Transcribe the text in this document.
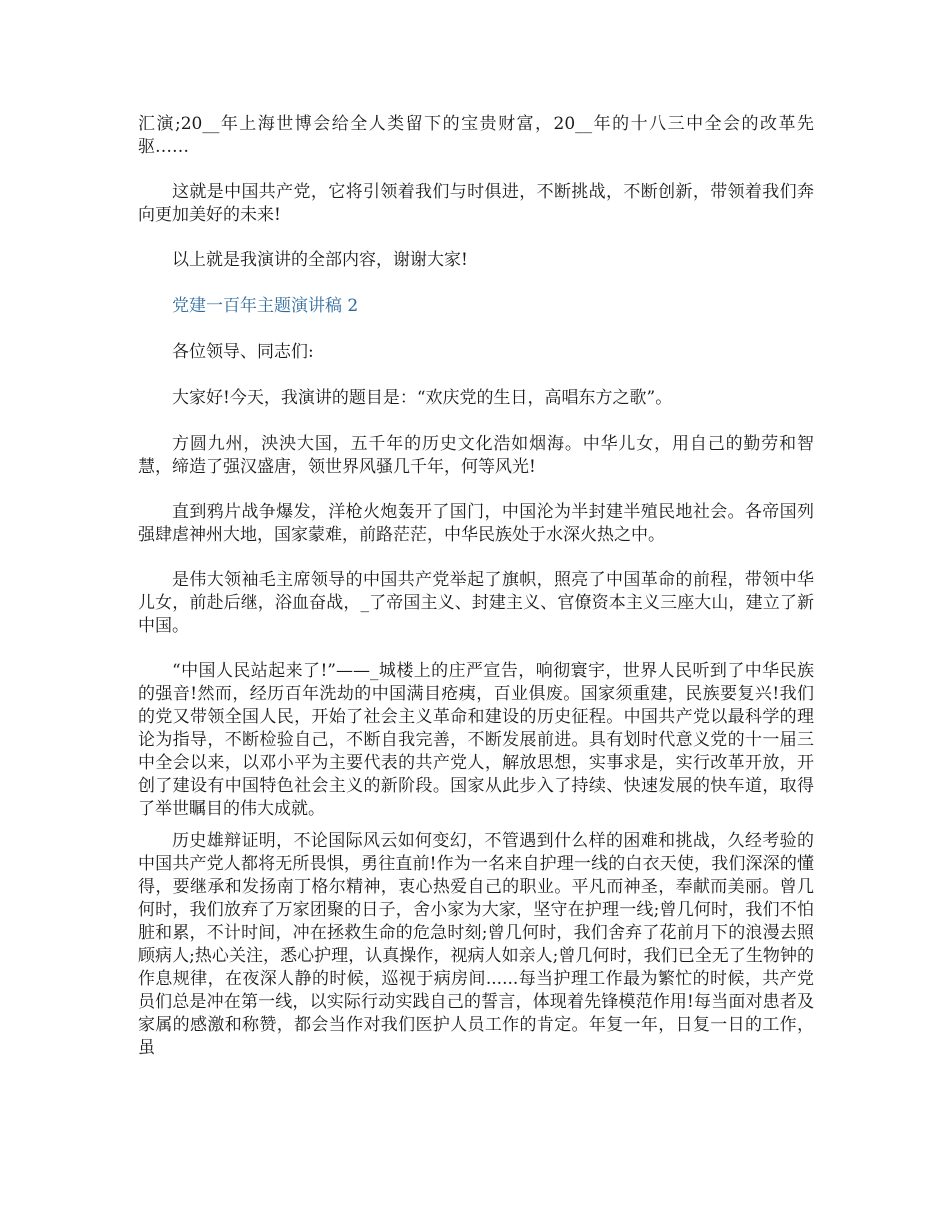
汇演;20__年上海世博会给全人类留下的宝贵财富，20__年的十八三中全会的改革先驱……

这就是中国共产党，它将引领着我们与时俱进，不断挑战，不断创新，带领着我们奔向更加美好的未来!

以上就是我演讲的全部内容，谢谢大家!

党建一百年主题演讲稿 2

各位领导、同志们:

大家好!今天，我演讲的题目是：“欢庆党的生日，高唱东方之歌”。

方圆九州，泱泱大国，五千年的历史文化浩如烟海。中华儿女，用自己的勤劳和智慧，缔造了强汉盛唐，领世界风骚几千年，何等风光!

直到鸦片战争爆发，洋枪火炮轰开了国门，中国沦为半封建半殖民地社会。各帝国列强肆虐神州大地，国家蒙难，前路茫茫，中华民族处于水深火热之中。

是伟大领袖毛主席领导的中国共产党举起了旗帜，照亮了中国革命的前程，带领中华儿女，前赴后继，浴血奋战，_了帝国主义、封建主义、官僚资本主义三座大山，建立了新中国。

“中国人民站起来了!”——_城楼上的庄严宣告，响彻寰宇，世界人民听到了中华民族的强音!然而，经历百年洗劫的中国满目疮痍，百业俱废。国家须重建，民族要复兴!我们的党又带领全国人民，开始了社会主义革命和建设的历史征程。中国共产党以最科学的理论为指导，不断检验自己，不断自我完善，不断发展前进。具有划时代意义党的十一届三中全会以来，以邓小平为主要代表的共产党人，解放思想，实事求是，实行改革开放，开创了建设有中国特色社会主义的新阶段。国家从此步入了持续、快速发展的快车道，取得了举世瞩目的伟大成就。

历史雄辩证明，不论国际风云如何变幻，不管遇到什么样的困难和挑战，久经考验的中国共产党人都将无所畏惧，勇往直前!作为一名来自护理一线的白衣天使，我们深深的懂得，要继承和发扬南丁格尔精神，衷心热爱自己的职业。平凡而神圣，奉献而美丽。曾几何时，我们放弃了万家团聚的日子，舍小家为大家，坚守在护理一线;曾几何时，我们不怕脏和累，不计时间，冲在拯救生命的危急时刻;曾几何时，我们舍弃了花前月下的浪漫去照顾病人;热心关注，悉心护理，认真操作，视病人如亲人;曾几何时，我们已全无了生物钟的作息规律，在夜深人静的时候，巡视于病房间......每当护理工作最为繁忙的时候，共产党员们总是冲在第一线，以实际行动实践自己的誓言，体现着先锋模范作用!每当面对患者及家属的感激和称赞，都会当作对我们医护人员工作的肯定。年复一年，日复一日的工作，虽
